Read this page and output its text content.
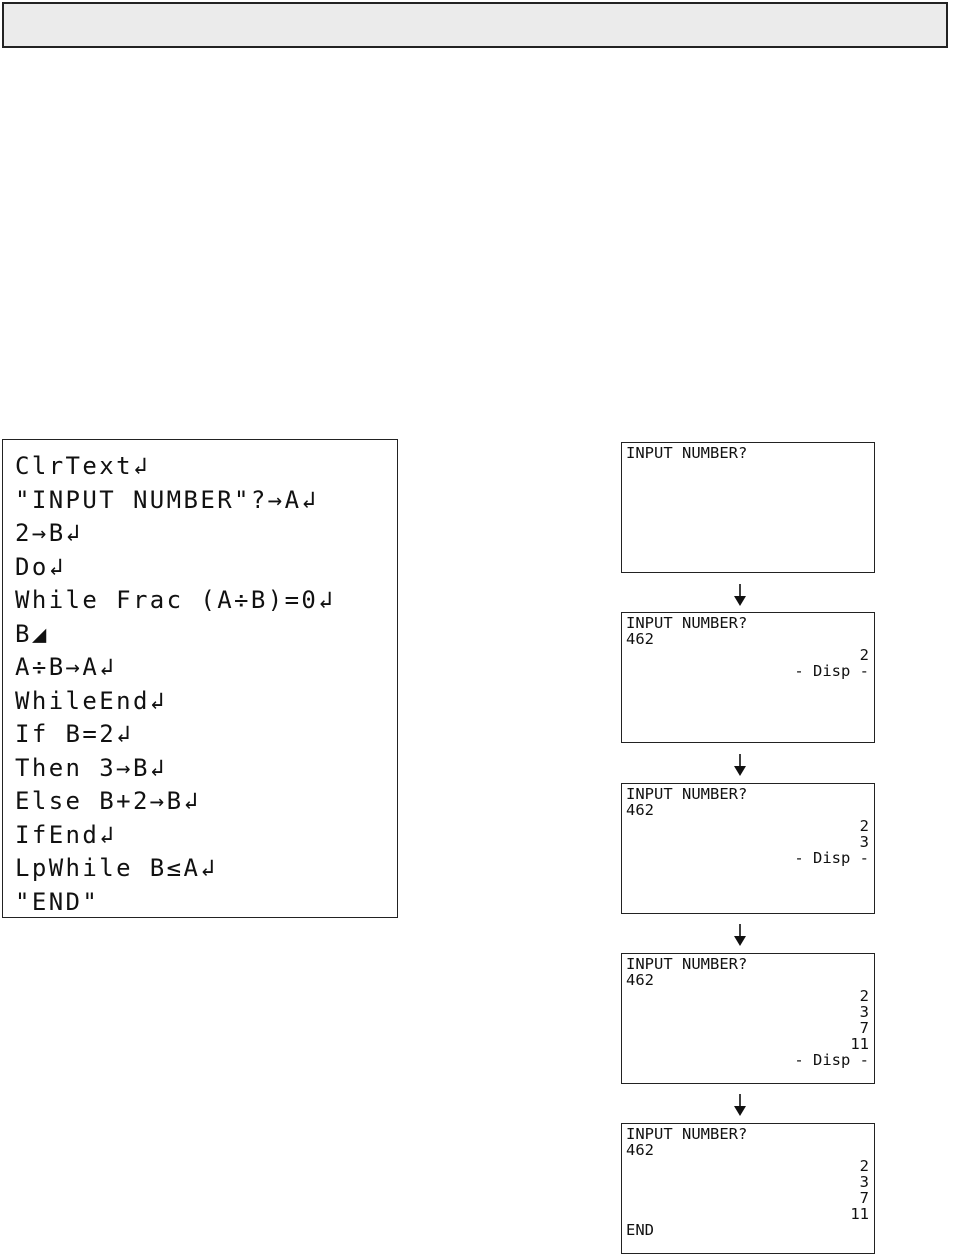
ClrText↲
"INPUT NUMBER"?→A↲
2→B↲
Do↲
While Frac (A÷B)=0↲
B◢
A÷B→A↲
WhileEnd↲
If B=2↲
Then 3→B↲
Else B+2→B↲
IfEnd↲
LpWhile B≤A↲
"END"
INPUT NUMBER?
INPUT NUMBER?
462
2
- Disp -
INPUT NUMBER?
462
2
3
- Disp -
INPUT NUMBER?
462
2
3
7
11
- Disp -
INPUT NUMBER?
462
2
3
7
11
END
